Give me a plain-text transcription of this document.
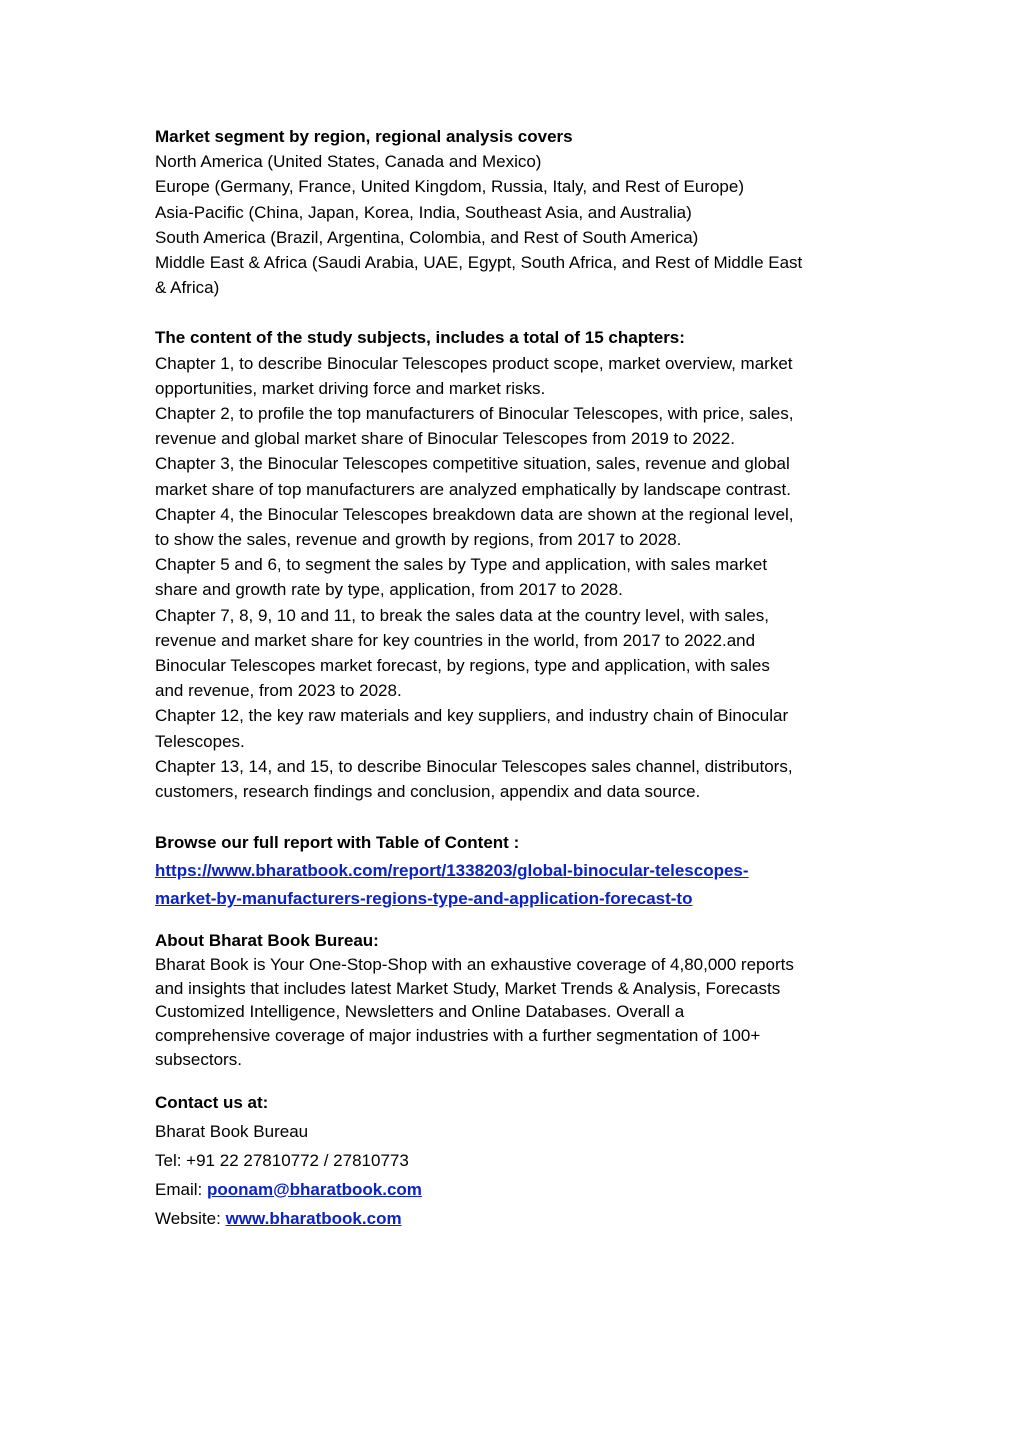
Market segment by region, regional analysis covers
North America (United States, Canada and Mexico)
Europe (Germany, France, United Kingdom, Russia, Italy, and Rest of Europe)
Asia-Pacific (China, Japan, Korea, India, Southeast Asia, and Australia)
South America (Brazil, Argentina, Colombia, and Rest of South America)
Middle East & Africa (Saudi Arabia, UAE, Egypt, South Africa, and Rest of Middle East
& Africa)
The content of the study subjects, includes a total of 15 chapters:
Chapter 1, to describe Binocular Telescopes product scope, market overview, market
opportunities, market driving force and market risks.
Chapter 2, to profile the top manufacturers of Binocular Telescopes, with price, sales,
revenue and global market share of Binocular Telescopes from 2019 to 2022.
Chapter 3, the Binocular Telescopes competitive situation, sales, revenue and global
market share of top manufacturers are analyzed emphatically by landscape contrast.
Chapter 4, the Binocular Telescopes breakdown data are shown at the regional level,
to show the sales, revenue and growth by regions, from 2017 to 2028.
Chapter 5 and 6, to segment the sales by Type and application, with sales market
share and growth rate by type, application, from 2017 to 2028.
Chapter 7, 8, 9, 10 and 11, to break the sales data at the country level, with sales,
revenue and market share for key countries in the world, from 2017 to 2022.and
Binocular Telescopes market forecast, by regions, type and application, with sales
and revenue, from 2023 to 2028.
Chapter 12, the key raw materials and key suppliers, and industry chain of Binocular
Telescopes.
Chapter 13, 14, and 15, to describe Binocular Telescopes sales channel, distributors,
customers, research findings and conclusion, appendix and data source.
Browse our full report with Table of Content :
https://www.bharatbook.com/report/1338203/global-binocular-telescopes-
market-by-manufacturers-regions-type-and-application-forecast-to
About Bharat Book Bureau:
Bharat Book is Your One-Stop-Shop with an exhaustive coverage of 4,80,000 reports
and insights that includes latest Market Study, Market Trends & Analysis, Forecasts
Customized Intelligence, Newsletters and Online Databases. Overall a
comprehensive coverage of major industries with a further segmentation of 100+
subsectors.
Contact us at:
Bharat Book Bureau
Tel: +91 22 27810772 / 27810773
Email: poonam@bharatbook.com
Website: www.bharatbook.com
